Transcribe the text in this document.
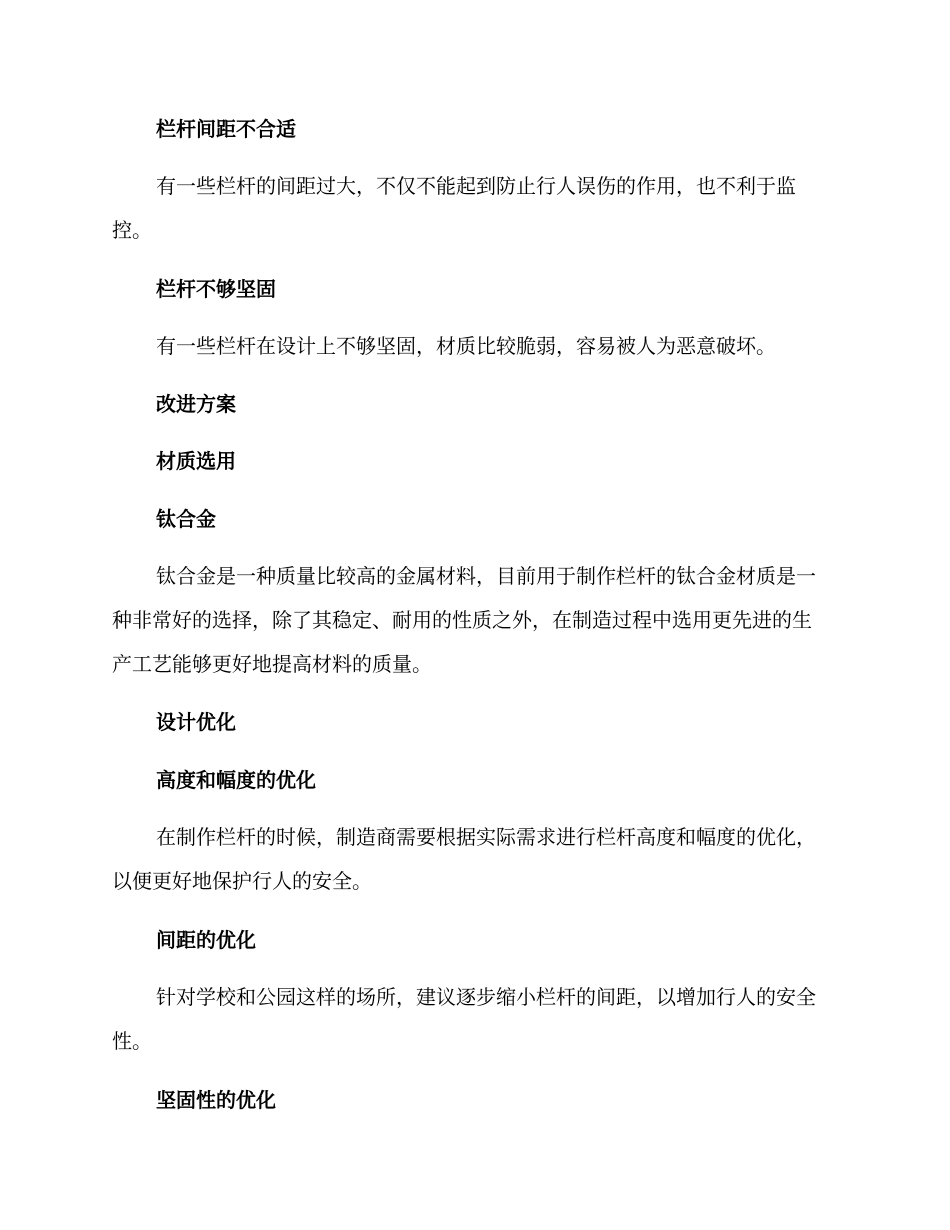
栏杆间距不合适

有一些栏杆的间距过大，不仅不能起到防止行人误伤的作用，也不利于监控。

栏杆不够坚固

有一些栏杆在设计上不够坚固，材质比较脆弱，容易被人为恶意破坏。

改进方案
材质选用
钛合金

钛合金是一种质量比较高的金属材料，目前用于制作栏杆的钛合金材质是一种非常好的选择，除了其稳定、耐用的性质之外，在制造过程中选用更先进的生产工艺能够更好地提高材料的质量。

设计优化
高度和幅度的优化

在制作栏杆的时候，制造商需要根据实际需求进行栏杆高度和幅度的优化，以便更好地保护行人的安全。

间距的优化

针对学校和公园这样的场所，建议逐步缩小栏杆的间距，以增加行人的安全性。

坚固性的优化
